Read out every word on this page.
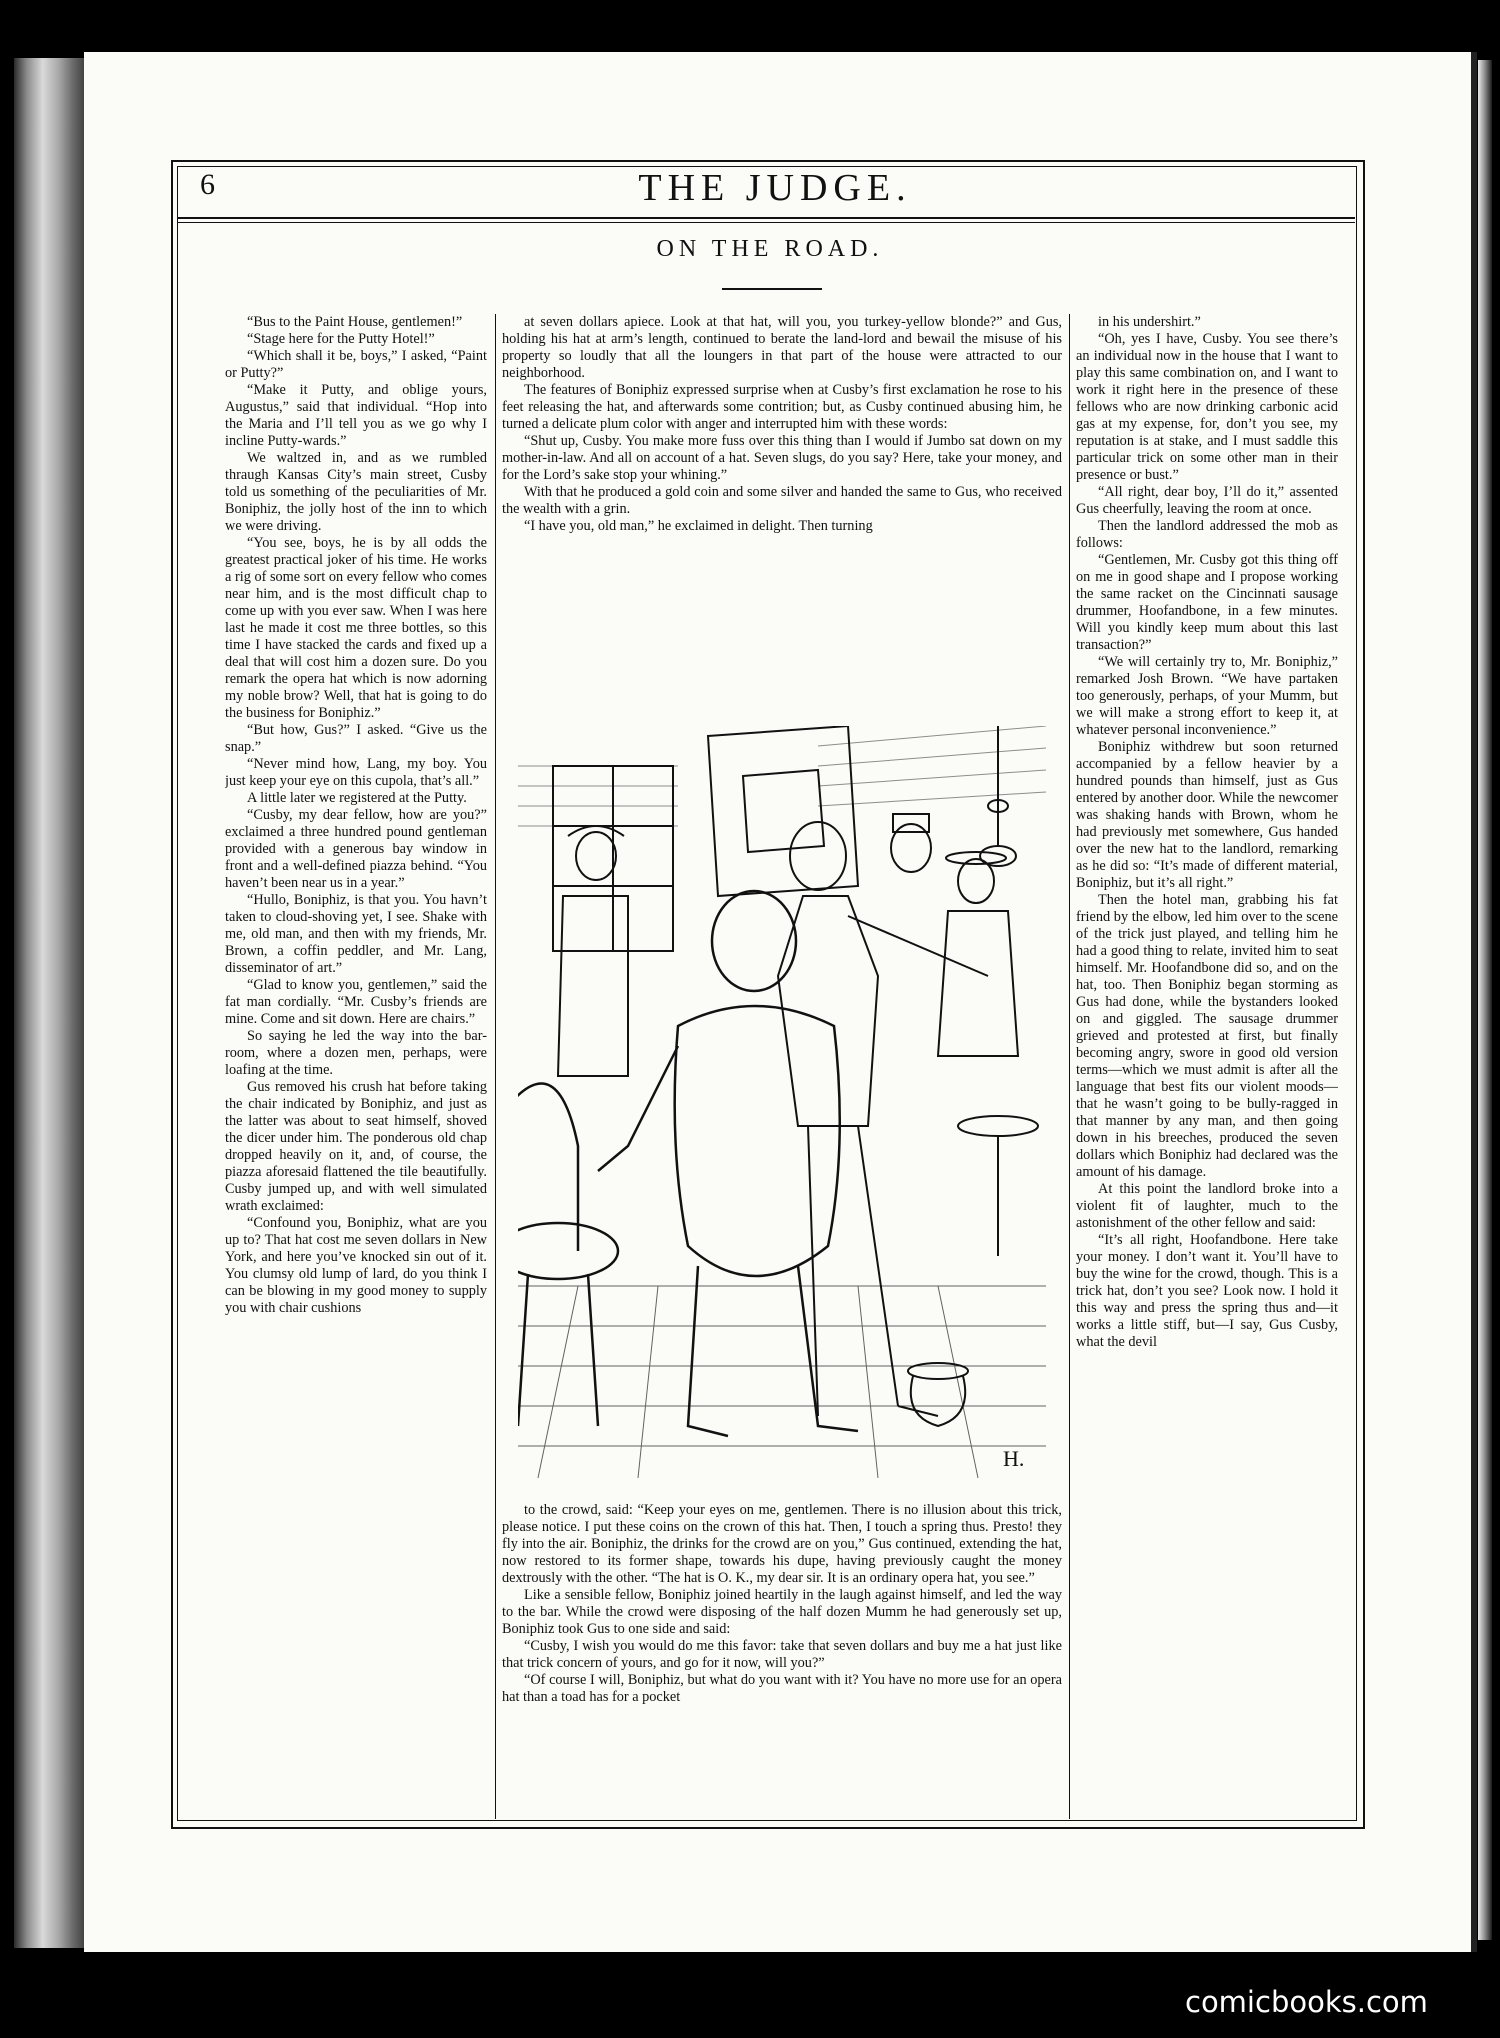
6	THE JUDGE.
ON THE ROAD.

“Bus to the Paint House, gentlemen!”

“Stage here for the Putty Hotel!”

“Which shall it be, boys,” I asked, “Paint or Putty?”

“Make it Putty, and oblige yours, Augustus,” said that individual. “Hop into the Maria and I’ll tell you as we go why I incline Putty-wards.”

We waltzed in, and as we rumbled thraugh Kansas City’s main street, Cusby told us something of the peculiarities of Mr. Boniphiz, the jolly host of the inn to which we were driving.

“You see, boys, he is by all odds the greatest practical joker of his time. He works a rig of some sort on every fellow who comes near him, and is the most difficult chap to come up with you ever saw. When I was here last he made it cost me three bottles, so this time I have stacked the cards and fixed up a deal that will cost him a dozen sure. Do you remark the opera hat which is now adorning my noble brow? Well, that hat is going to do the business for Boniphiz.”

“But how, Gus?” I asked. “Give us the snap.”

“Never mind how, Lang, my boy. You just keep your eye on this cupola, that’s all.”

A little later we registered at the Putty.

“Cusby, my dear fellow, how are you?” exclaimed a three hundred pound gentleman provided with a generous bay window in front and a well-defined piazza behind. “You haven’t been near us in a year.”

“Hullo, Boniphiz, is that you. You havn’t taken to cloud-shoving yet, I see. Shake with me, old man, and then with my friends, Mr. Brown, a coffin peddler, and Mr. Lang, disseminator of art.”

“Glad to know you, gentlemen,” said the fat man cordially. “Mr. Cusby’s friends are mine. Come and sit down. Here are chairs.”

So saying he led the way into the bar-room, where a dozen men, perhaps, were loafing at the time.

Gus removed his crush hat before taking the chair indicated by Boniphiz, and just as the latter was about to seat himself, shoved the dicer under him. The ponderous old chap dropped heavily on it, and, of course, the piazza aforesaid flattened the tile beautifully. Cusby jumped up, and with well simulated wrath exclaimed:

“Confound you, Boniphiz, what are you up to? That hat cost me seven dollars in New York, and here you’ve knocked sin out of it. You clumsy old lump of lard, do you think I can be blowing in my good money to supply you with chair cushions

at seven dollars apiece. Look at that hat, will you, you turkey-yellow blonde?” and Gus, holding his hat at arm’s length, continued to berate the land-lord and bewail the misuse of his property so loudly that all the loungers in that part of the house were attracted to our neighborhood.

The features of Boniphiz expressed surprise when at Cusby’s first exclamation he rose to his feet releasing the hat, and afterwards some contrition; but, as Cusby continued abusing him, he turned a delicate plum color with anger and interrupted him with these words:

“Shut up, Cusby. You make more fuss over this thing than I would if Jumbo sat down on my mother-in-law. And all on account of a hat. Seven slugs, do you say? Here, take your money, and for the Lord’s sake stop your whining.”

With that he produced a gold coin and some silver and handed the same to Gus, who received the wealth with a grin.

“I have you, old man,” he exclaimed in delight. Then turning

H.

to the crowd, said: “Keep your eyes on me, gentlemen. There is no illusion about this trick, please notice. I put these coins on the crown of this hat. Then, I touch a spring thus. Presto! they fly into the air. Boniphiz, the drinks for the crowd are on you,” Gus continued, extending the hat, now restored to its former shape, towards his dupe, having previously caught the money dextrously with the other. “The hat is O. K., my dear sir. It is an ordinary opera hat, you see.”

Like a sensible fellow, Boniphiz joined heartily in the laugh against himself, and led the way to the bar. While the crowd were disposing of the half dozen Mumm he had generously set up, Boniphiz took Gus to one side and said:

“Cusby, I wish you would do me this favor: take that seven dollars and buy me a hat just like that trick concern of yours, and go for it now, will you?”

“Of course I will, Boniphiz, but what do you want with it? You have no more use for an opera hat than a toad has for a pocket

in his undershirt.”

“Oh, yes I have, Cusby. You see there’s an individual now in the house that I want to play this same combination on, and I want to work it right here in the presence of these fellows who are now drinking carbonic acid gas at my expense, for, don’t you see, my reputation is at stake, and I must saddle this particular trick on some other man in their presence or bust.”

“All right, dear boy, I’ll do it,” assented Gus cheerfully, leaving the room at once.

Then the landlord addressed the mob as follows:

“Gentlemen, Mr. Cusby got this thing off on me in good shape and I propose working the same racket on the Cincinnati sausage drummer, Hoofandbone, in a few minutes. Will you kindly keep mum about this last transaction?”

“We will certainly try to, Mr. Boniphiz,” remarked Josh Brown. “We have partaken too generously, perhaps, of your Mumm, but we will make a strong effort to keep it, at whatever personal inconvenience.”

Boniphiz withdrew but soon returned accompanied by a fellow heavier by a hundred pounds than himself, just as Gus entered by another door. While the newcomer was shaking hands with Brown, whom he had previously met somewhere, Gus handed over the new hat to the landlord, remarking as he did so: “It’s made of different material, Boniphiz, but it’s all right.”

Then the hotel man, grabbing his fat friend by the elbow, led him over to the scene of the trick just played, and telling him he had a good thing to relate, invited him to seat himself. Mr. Hoofandbone did so, and on the hat, too. Then Boniphiz began storming as Gus had done, while the bystanders looked on and giggled. The sausage drummer grieved and protested at first, but finally becoming angry, swore in good old version terms—which we must admit is after all the language that best fits our violent moods—that he wasn’t going to be bully-ragged in that manner by any man, and then going down in his breeches, produced the seven dollars which Boniphiz had declared was the amount of his damage.

At this point the landlord broke into a violent fit of laughter, much to the astonishment of the other fellow and said:

“It’s all right, Hoofandbone. Here take your money. I don’t want it. You’ll have to buy the wine for the crowd, though. This is a trick hat, don’t you see? Look now. I hold it this way and press the spring thus and—it works a little stiff, but—I say, Gus Cusby, what the devil

comicbooks.com
